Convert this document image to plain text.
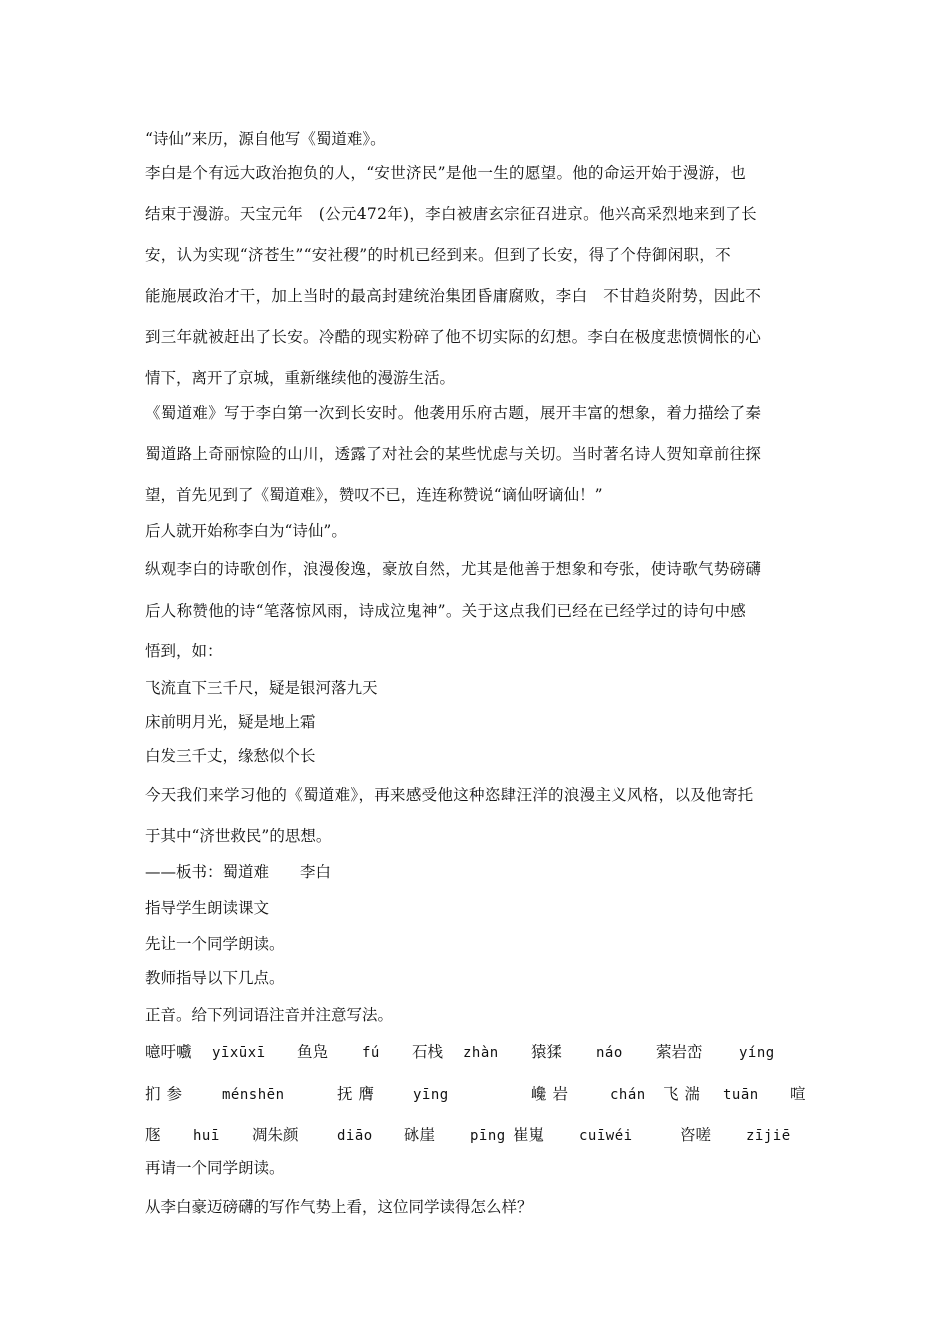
“诗仙”来历，源自他写《蜀道难》。
李白是个有远大政治抱负的人，“安世济民”是他一生的愿望。他的命运开始于漫游，也
结束于漫游。天宝元年　(公元472年)，李白被唐玄宗征召进京。他兴高采烈地来到了长
安，认为实现“济苍生”“安社稷”的时机已经到来。但到了长安，得了个侍御闲职，不
能施展政治才干，加上当时的最高封建统治集团昏庸腐败，李白　不甘趋炎附势，因此不
到三年就被赶出了长安。冷酷的现实粉碎了他不切实际的幻想。李白在极度悲愤惆怅的心
情下，离开了京城，重新继续他的漫游生活。
《蜀道难》写于李白第一次到长安时。他袭用乐府古题，展开丰富的想象，着力描绘了秦
蜀道路上奇丽惊险的山川，透露了对社会的某些忧虑与关切。当时著名诗人贺知章前往探
望，首先见到了《蜀道难》，赞叹不已，连连称赞说“谪仙呀谪仙！”
后人就开始称李白为“诗仙”。
纵观李白的诗歌创作，浪漫俊逸，豪放自然，尤其是他善于想象和夸张，使诗歌气势磅礴
后人称赞他的诗“笔落惊风雨，诗成泣鬼神”。关于这点我们已经在已经学过的诗句中感
悟到，如：
飞流直下三千尺，疑是银河落九天
床前明月光，疑是地上霜
白发三千丈，缘愁似个长
今天我们来学习他的《蜀道难》，再来感受他这种恣肆汪洋的浪漫主义风格，以及他寄托
于其中“济世救民”的思想。
——板书：蜀道难　　李白
指导学生朗读课文
先让一个同学朗读。
教师指导以下几点。
正音。给下列词语注音并注意写法。
噫吁嚱 yīxūxī 鱼凫 fú 石栈 zhàn 猿猱 náo 萦岩峦	yíng
扪参 ménshēn	抚膺 yīng	巉岩	chán 飞湍 tuān 喧
豗 huī 凋朱颜	diāo 砯崖 pīng 崔嵬 cuīwéi	咨嗟 zījiē
再请一个同学朗读。
从李白豪迈磅礴的写作气势上看，这位同学读得怎么样？
